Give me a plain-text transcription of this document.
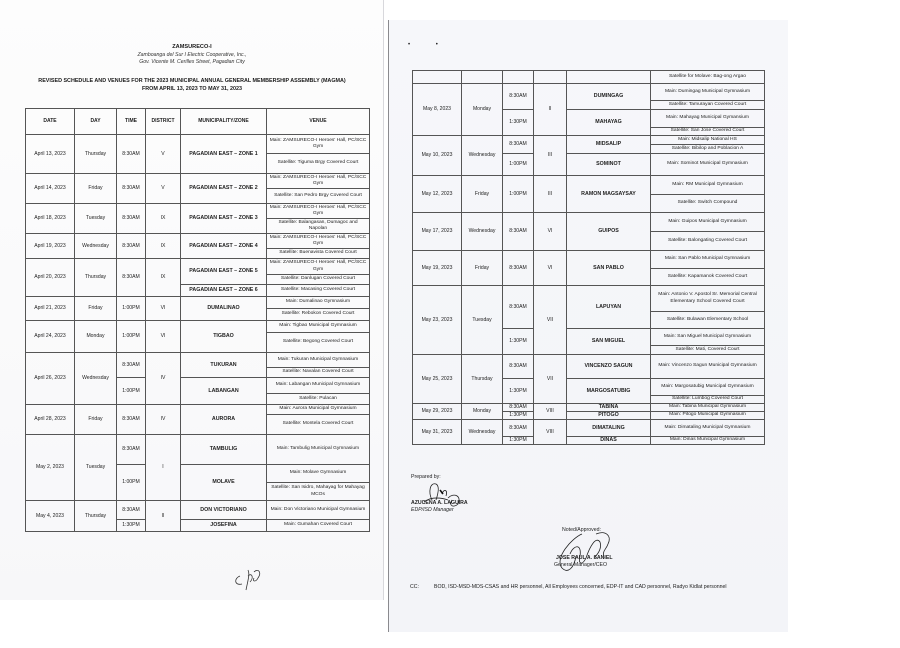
ZAMSURECO-I
Zamboanga del Sur I Electric Cooperative, Inc.,
Gov. Vicente M. Cerilles Street, Pagadian City
REVISED SCHEDULE AND VENUES FOR THE 2023 MUNICIPAL ANNUAL GENERAL MEMBERSHIP ASSEMBLY (MAGMA)
FROM APRIL 13, 2023 TO MAY 31, 2023
DATE	DAY	TIME	DISTRICT	MUNICIPALITY/ZONE	VENUE
April 13, 2023	Thursday	8:30AM	V	PAGADIAN EAST – ZONE 1	Main: ZAMSURECO-I Heroes' Hall, PC/SCC Gym
					Satellite: Tiguma Brgy Covered Court
April 14, 2023	Friday	8:30AM	V	PAGADIAN EAST – ZONE 2	Main: ZAMSURECO-I Heroes' Hall, PC/SCC Gym
					Satellite: San Pedro Brgy Covered Court
April 18, 2023	Tuesday	8:30AM	IX	PAGADIAN EAST – ZONE 3	Main: ZAMSURECO-I Heroes' Hall, PC/SCC Gym
					Satellite: Balangasan, Dumagoc and Napolan
April 19, 2023	Wednesday	8:30AM	IX	PAGADIAN EAST – ZONE 4	Main: ZAMSURECO-I Heroes' Hall, PC/SCC Gym
					Satellite: Buenavista Covered Court
April 20, 2023	Thursday	8:30AM	IX	PAGADIAN EAST – ZONE 5	Main: ZAMSURECO-I Heroes' Hall, PC/SCC Gym
					Satellite: Danlugan Covered Court
				PAGADIAN EAST – ZONE 6	Satellite: Macasing Covered Court
April 21, 2023	Friday	1:00PM	VI	DUMALINAO	Main: Dumalinao Gymnasium
					Satellite: Rebokon Covered Court
April 24, 2023	Monday	1:00PM	VI	TIGBAO	Main: Tigbao Municipal Gymnasium
					Satellite: Begong Covered Court
April 26, 2023	Wednesday	8:30AM	IV	TUKURAN	Main: Tukuran Municipal Gymnasium
					Satellite: Navalan Covered Court
		1:00PM		LABANGAN	Main: Labangan Municipal Gymnasium
					Satellite: Pulacan
April 28, 2023	Friday	8:30AM	IV	AURORA	Main: Aurora Municipal Gymnasium
					Satellite: Montela Covered Court
May 2, 2023	Tuesday	8:30AM	I	TAMBULIG	Main: Tambulig Municipal Gymnasium
		1:00PM		MOLAVE	Main: Molave Gymnasium
					Satellite: San Isidro, Mahayag for Mahayag MCOs
May 4, 2023	Thursday	8:30AM	II	DON VICTORIANO	Main: Don Victoriano Municipal Gymnasium
		1:30PM		JOSEFINA	Main: Gumahan Covered Court
• •
					Satellite for Molave: Bag-ong Argao
May 8, 2023	Monday	8:30AM	II	DUMINGAG	Main: Dumingag Municipal Gymnasium
					Satellite: Tamurayan Covered Court
		1:30PM		MAHAYAG	Main: Mahayag Municipal Gymansium
					Satellite: San Jose Covered Court
May 10, 2023	Wednesday	8:30AM	III	MIDSALIP	Main: Midsalip National HS
					Satellite: Bibilop and Poblacion A
		1:00PM		SOMINOT	Main: Sominot Municipal Gymnasium
May 12, 2023	Friday	1:00PM	III	RAMON MAGSAYSAY	Main: RM Municipal Gymnasium
					Satellite: Switch Compound
May 17, 2023	Wednesday	8:30AM	VI	GUIPOS	Main: Guipos Municipal Gymnasium
					Satellite: Balongating Covered Court
May 19, 2023	Friday	8:30AM	VI	SAN PABLO	Main: San Pablo Municipal Gymnasium
					Satellite: Kapamanok Covered Court
May 23, 2023	Tuesday	8:30AM	VII	LAPUYAN	Main: Antonio V. Apostol Sr. Memorial Central Elementary School Covered Court
					Satellite: Bulawan Elementary School
		1:30PM		SAN MIGUEL	Main: San Miguel Municipal Gymnasium
					Satellite: Mati, Covered Court
May 25, 2023	Thursday	8:30AM	VII	VINCENZO SAGUN	Main: Vincenzo Sagun Municipal Gymnasium
		1:30PM		MARGOSATUBIG	Main: Margosatubig Municipal Gymnasium
					Satellite: Lumbog Covered Court
May 29, 2023	Monday	8:30AM	VIII	TABINA	Main: Tabina Municipal Gymnasium
		1:30PM		PITOGO	Main: Pitogo Municipal Gymnasium
May 31, 2023	Wednesday	8:30AM	VIII	DIMATALING	Main: Dimataling Municipal Gymnasium
		1:30PM		DINAS	Main: Dinas Municipal Gymnasium
Prepared by:
AZUCENA A. LAGUIRA
EDP/ISD Manager
Noted/Approved:
JOSE RAUL A. SANIEL
General Manager/CEO
CC:	BOD, ISD-MSD-MDS-CSAS and HR personnel, All Employees concerned, EDP-IT and CAD personnel, Radyo Kidlat personnel
